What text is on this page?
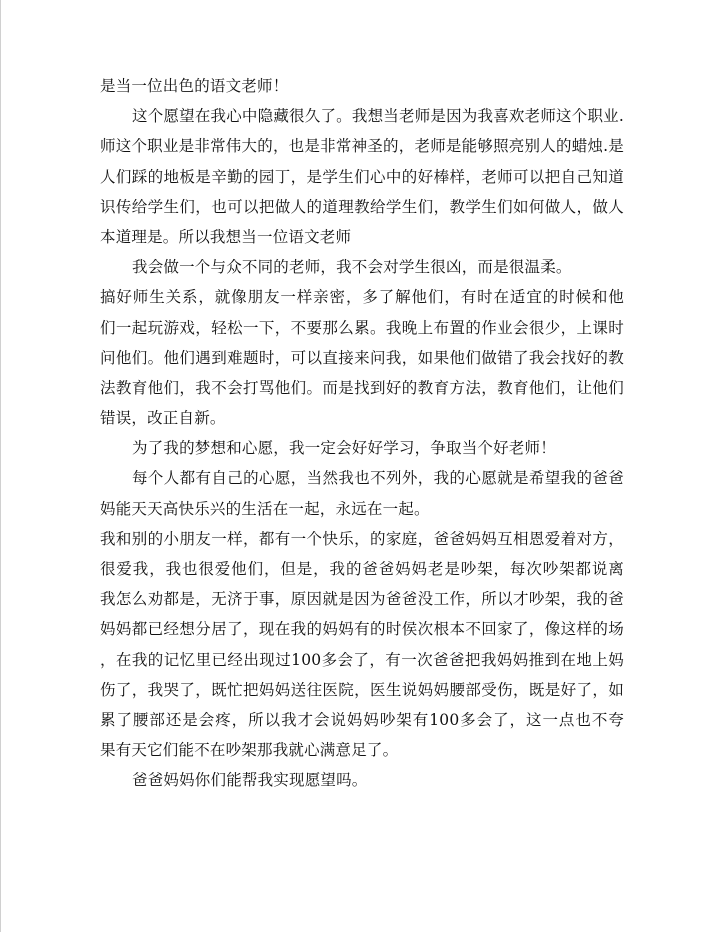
是当一位出色的语文老师！
这个愿望在我心中隐藏很久了。我想当老师是因为我喜欢老师这个职业.
师这个职业是非常伟大的，也是非常神圣的，老师是能够照亮别人的蜡烛.是
人们踩的地板是辛勤的园丁，是学生们心中的好棒样，老师可以把自己知道
识传给学生们，也可以把做人的道理教给学生们，教学生们如何做人，做人
本道理是。所以我想当一位语文老师
我会做一个与众不同的老师，我不会对学生很凶，而是很温柔。
搞好师生关系，就像朋友一样亲密，多了解他们，有时在适宜的时候和他
们一起玩游戏，轻松一下，不要那么累。我晚上布置的作业会很少，上课时
问他们。他们遇到难题时，可以直接来问我，如果他们做错了我会找好的教
法教育他们，我不会打骂他们。而是找到好的教育方法，教育他们，让他们
错误，改正自新。
为了我的梦想和心愿，我一定会好好学习，争取当个好老师！
每个人都有自己的心愿，当然我也不列外，我的心愿就是希望我的爸爸
妈能天天高快乐兴的生活在一起，永远在一起。
我和别的小朋友一样，都有一个快乐，的家庭，爸爸妈妈互相恩爱着对方，
很爱我，我也很爱他们，但是，我的爸爸妈妈老是吵架，每次吵架都说离
我怎么劝都是，无济于事，原因就是因为爸爸没工作，所以才吵架，我的爸
妈妈都已经想分居了，现在我的妈妈有的时侯次根本不回家了，像这样的场
，在我的记忆里已经出现过100多会了，有一次爸爸把我妈妈推到在地上妈
伤了，我哭了，既忙把妈妈送往医院，医生说妈妈腰部受伤，既是好了，如
累了腰部还是会疼，所以我才会说妈妈吵架有100多会了，这一点也不夸
果有天它们能不在吵架那我就心满意足了。
爸爸妈妈你们能帮我实现愿望吗。
